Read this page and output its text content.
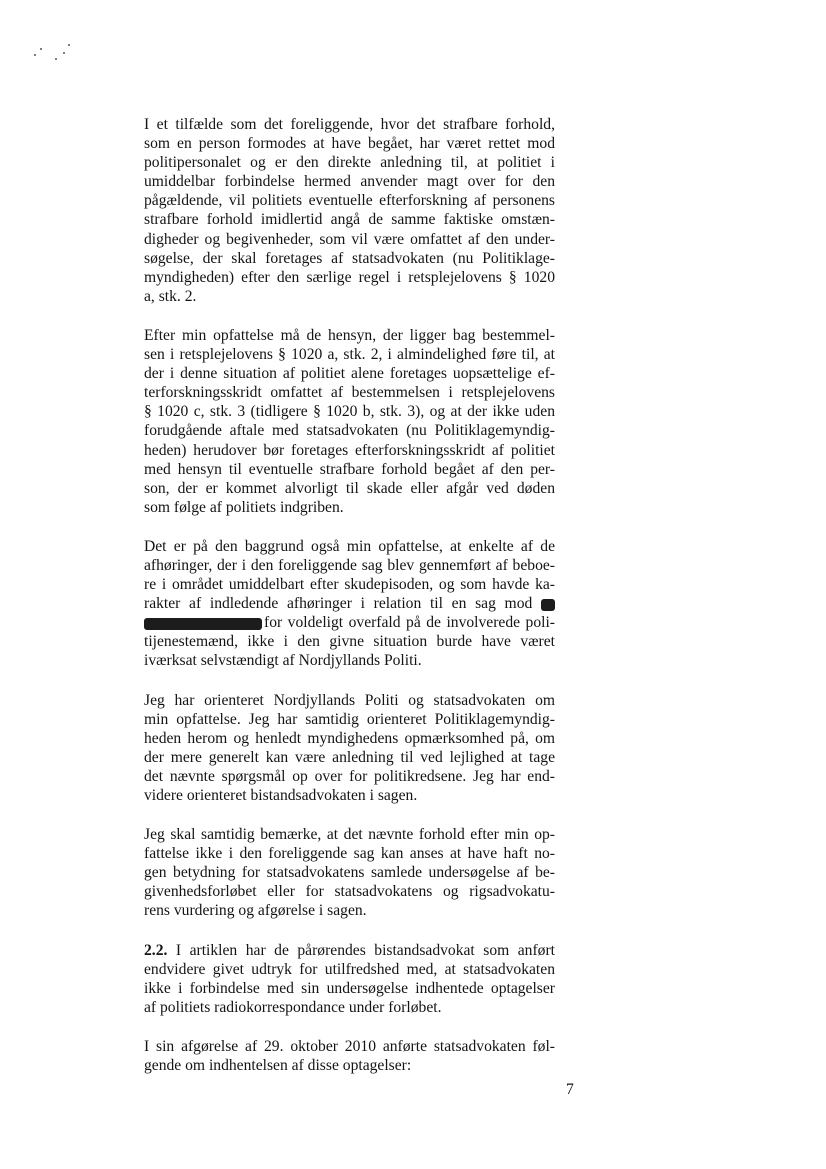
I et tilfælde som det foreliggende, hvor det strafbare forhold,
som en person formodes at have begået, har været rettet mod
politipersonalet og er den direkte anledning til, at politiet i
umiddelbar forbindelse hermed anvender magt over for den
pågældende, vil politiets eventuelle efterforskning af personens
strafbare forhold imidlertid angå de samme faktiske omstæn-
digheder og begivenheder, som vil være omfattet af den under-
søgelse, der skal foretages af statsadvokaten (nu Politiklage-
myndigheden) efter den særlige regel i retsplejelovens § 1020
a, stk. 2.

Efter min opfattelse må de hensyn, der ligger bag bestemmel-
sen i retsplejelovens § 1020 a, stk. 2, i almindelighed føre til, at
der i denne situation af politiet alene foretages uopsættelige ef-
terforskningsskridt omfattet af bestemmelsen i retsplejelovens
§ 1020 c, stk. 3 (tidligere § 1020 b, stk. 3), og at der ikke uden
forudgående aftale med statsadvokaten (nu Politiklagemyndig-
heden) herudover bør foretages efterforskningsskridt af politiet
med hensyn til eventuelle strafbare forhold begået af den per-
son, der er kommet alvorligt til skade eller afgår ved døden
som følge af politiets indgriben.

Det er på den baggrund også min opfattelse, at enkelte af de
afhøringer, der i den foreliggende sag blev gennemført af beboe-
re i området umiddelbart efter skudepisoden, og som havde ka-
rakter af indledende afhøringer i relation til en sag mod
for voldeligt overfald på de involverede poli-
tijenestemænd, ikke i den givne situation burde have været
iværksat selvstændigt af Nordjyllands Politi.

Jeg har orienteret Nordjyllands Politi og statsadvokaten om
min opfattelse. Jeg har samtidig orienteret Politiklagemyndig-
heden herom og henledt myndighedens opmærksomhed på, om
der mere generelt kan være anledning til ved lejlighed at tage
det nævnte spørgsmål op over for politikredsene. Jeg har end-
videre orienteret bistandsadvokaten i sagen.

Jeg skal samtidig bemærke, at det nævnte forhold efter min op-
fattelse ikke i den foreliggende sag kan anses at have haft no-
gen betydning for statsadvokatens samlede undersøgelse af be-
givenhedsforløbet eller for statsadvokatens og rigsadvokatu-
rens vurdering og afgørelse i sagen.

2.2. I artiklen har de pårørendes bistandsadvokat som anført
endvidere givet udtryk for utilfredshed med, at statsadvokaten
ikke i forbindelse med sin undersøgelse indhentede optagelser
af politiets radiokorrespondance under forløbet.

I sin afgørelse af 29. oktober 2010 anførte statsadvokaten føl-
gende om indhentelsen af disse optagelser:

7
